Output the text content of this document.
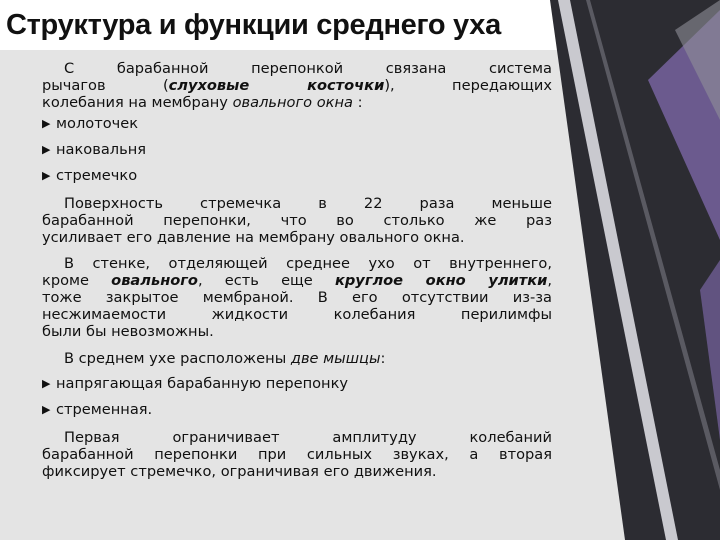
Структура и функции среднего уха
С барабанной перепонкой связана система
рычагов (слуховые косточки), передающих
колебания на мембрану овального окна :
▶ молоточек
▶ наковальня
▶ стремечко
Поверхность стремечка в 22 раза меньше
барабанной перепонки, что во столько же раз
усиливает его давление на мембрану овального окна.
В стенке, отделяющей среднее ухо от внутреннего,
кроме овального, есть еще круглое окно улитки,
тоже закрытое мембраной. В его отсутствии из-за
несжимаемости жидкости колебания перилимфы
были бы невозможны.
В среднем ухе расположены две мышцы:
▶ напрягающая барабанную перепонку
▶ стременная.
Первая ограничивает амплитуду колебаний
барабанной перепонки при сильных звуках, а вторая
фиксирует стремечко, ограничивая его движения.
